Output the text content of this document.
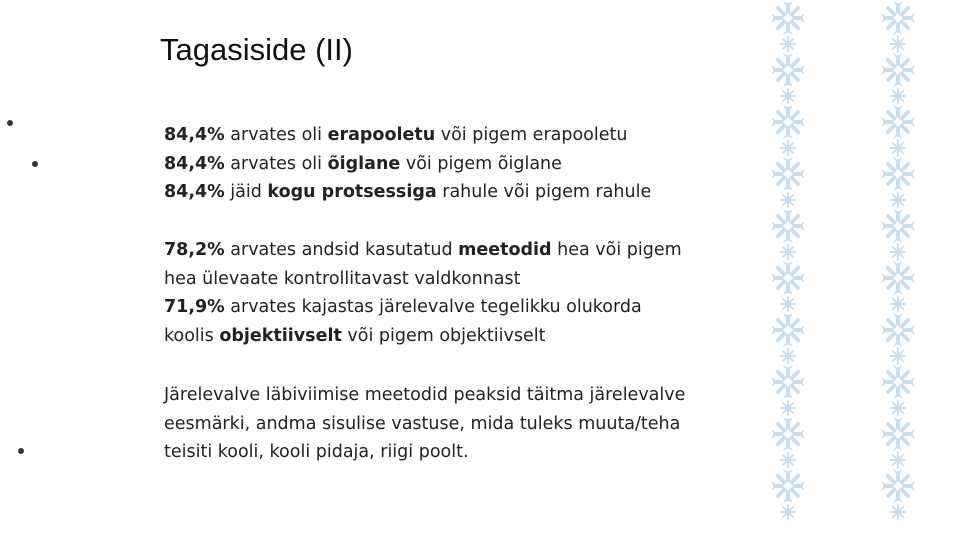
Tagasiside (II)
84,4% arvates oli erapooletu või pigem erapooletu
84,4% arvates oli õiglane või pigem õiglane
84,4% jäid kogu protsessiga rahule või pigem rahule
78,2% arvates andsid kasutatud meetodid hea või pigem
hea ülevaate kontrollitavast valdkonnast
71,9% arvates kajastas järelevalve tegelikku olukorda
koolis objektiivselt või pigem objektiivselt
Järelevalve läbiviimise meetodid peaksid täitma järelevalve
eesmärki, andma sisulise vastuse, mida tuleks muuta/teha
teisiti kooli, kooli pidaja, riigi poolt.
